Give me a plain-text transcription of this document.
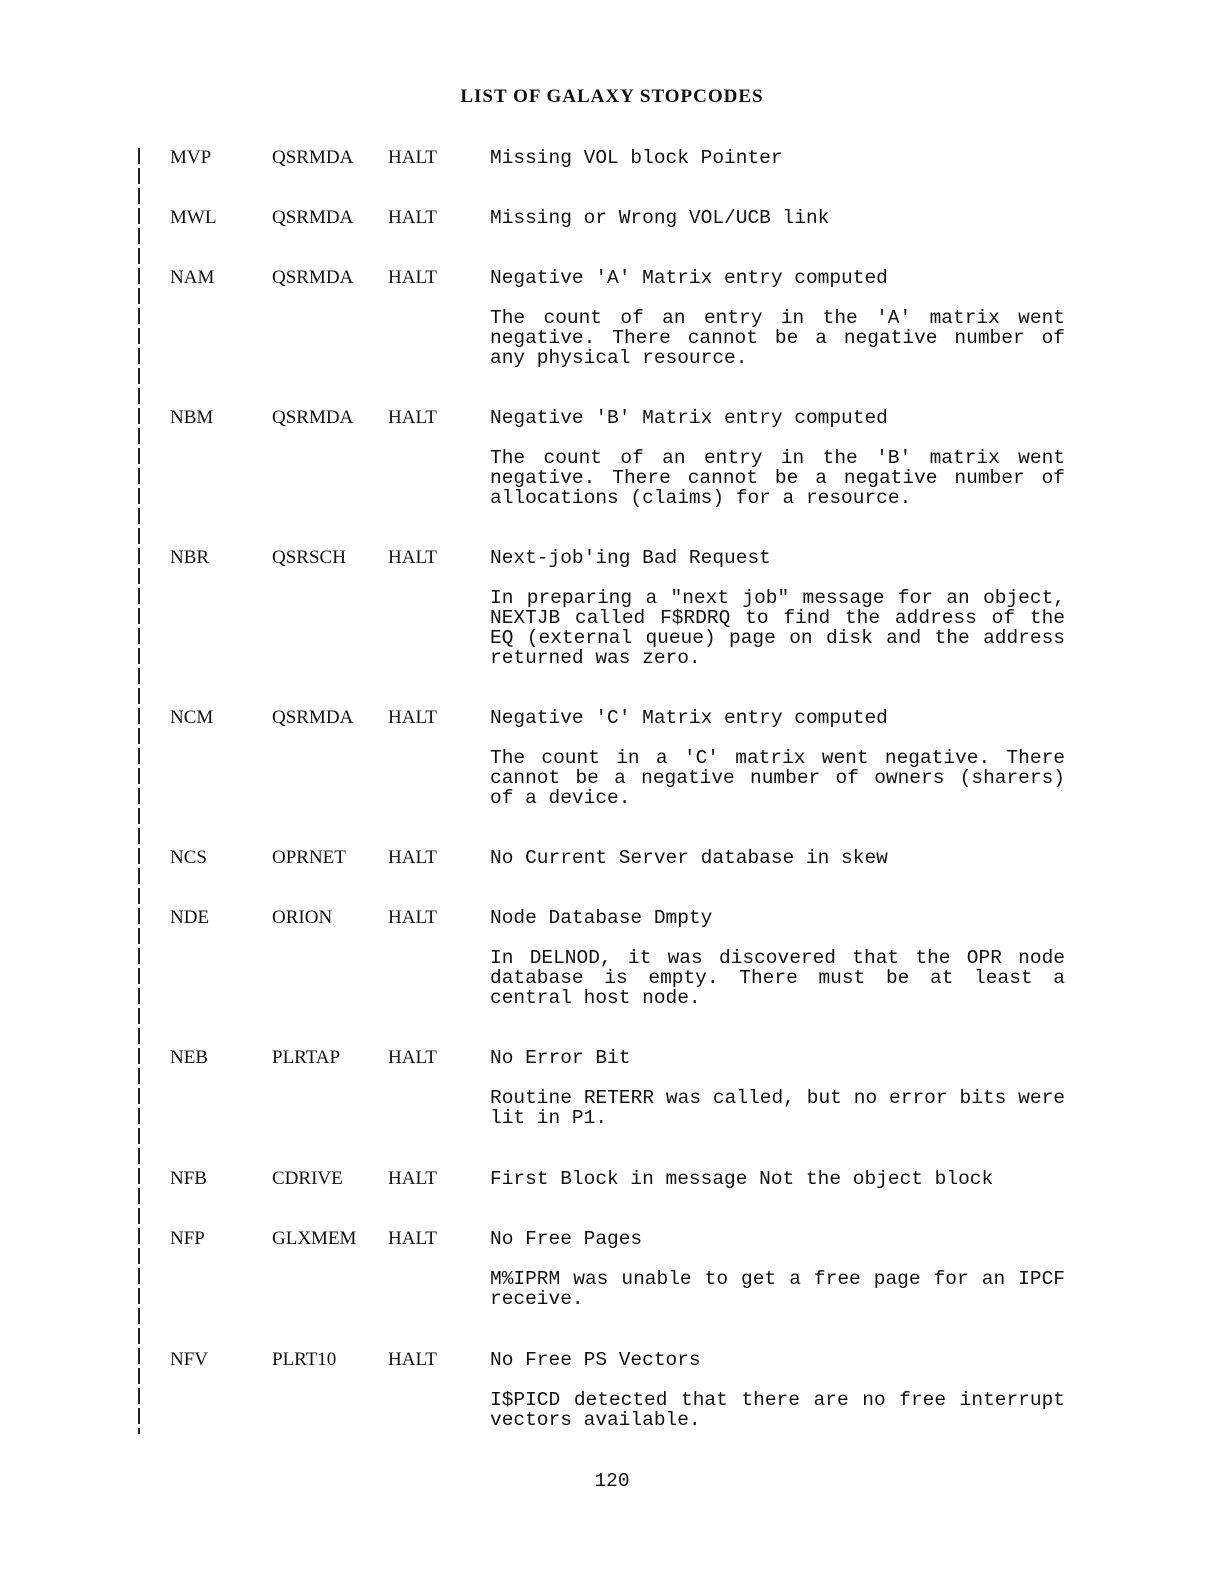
LIST OF GALAXY STOPCODES
MVP	QSRMDA HALT	Missing VOL block Pointer
MWL	QSRMDA HALT	Missing or Wrong VOL/UCB link
NAM	QSRMDA HALT	Negative 'A' Matrix entry computed
The count of an entry in the 'A' matrix went negative. There cannot be a negative number of any physical resource.
NBM	QSRMDA HALT	Negative 'B' Matrix entry computed
The count of an entry in the 'B' matrix went negative. There cannot be a negative number of allocations (claims) for a resource.
NBR	QSRSCH HALT	Next-job'ing Bad Request
In preparing a "next job" message for an object, NEXTJB called F$RDRQ to find the address of the EQ (external queue) page on disk and the address returned was zero.
NCM	QSRMDA HALT	Negative 'C' Matrix entry computed
The count in a 'C' matrix went negative. There cannot be a negative number of owners (sharers) of a device.
NCS	OPRNET HALT	No Current Server database in skew
NDE	ORION	HALT	Node Database Dmpty
In DELNOD, it was discovered that the OPR node database is empty. There must be at least a central host node.
NEB	PLRTAP	HALT	No Error Bit
Routine RETERR was called, but no error bits were lit in P1.
NFB	CDRIVE HALT	First Block in message Not the object block
NFP	GLXMEM HALT	No Free Pages
M%IPRM was unable to get a free page for an IPCF receive.
NFV	PLRT10	HALT	No Free PS Vectors
I$PICD detected that there are no free interrupt vectors available.
120
